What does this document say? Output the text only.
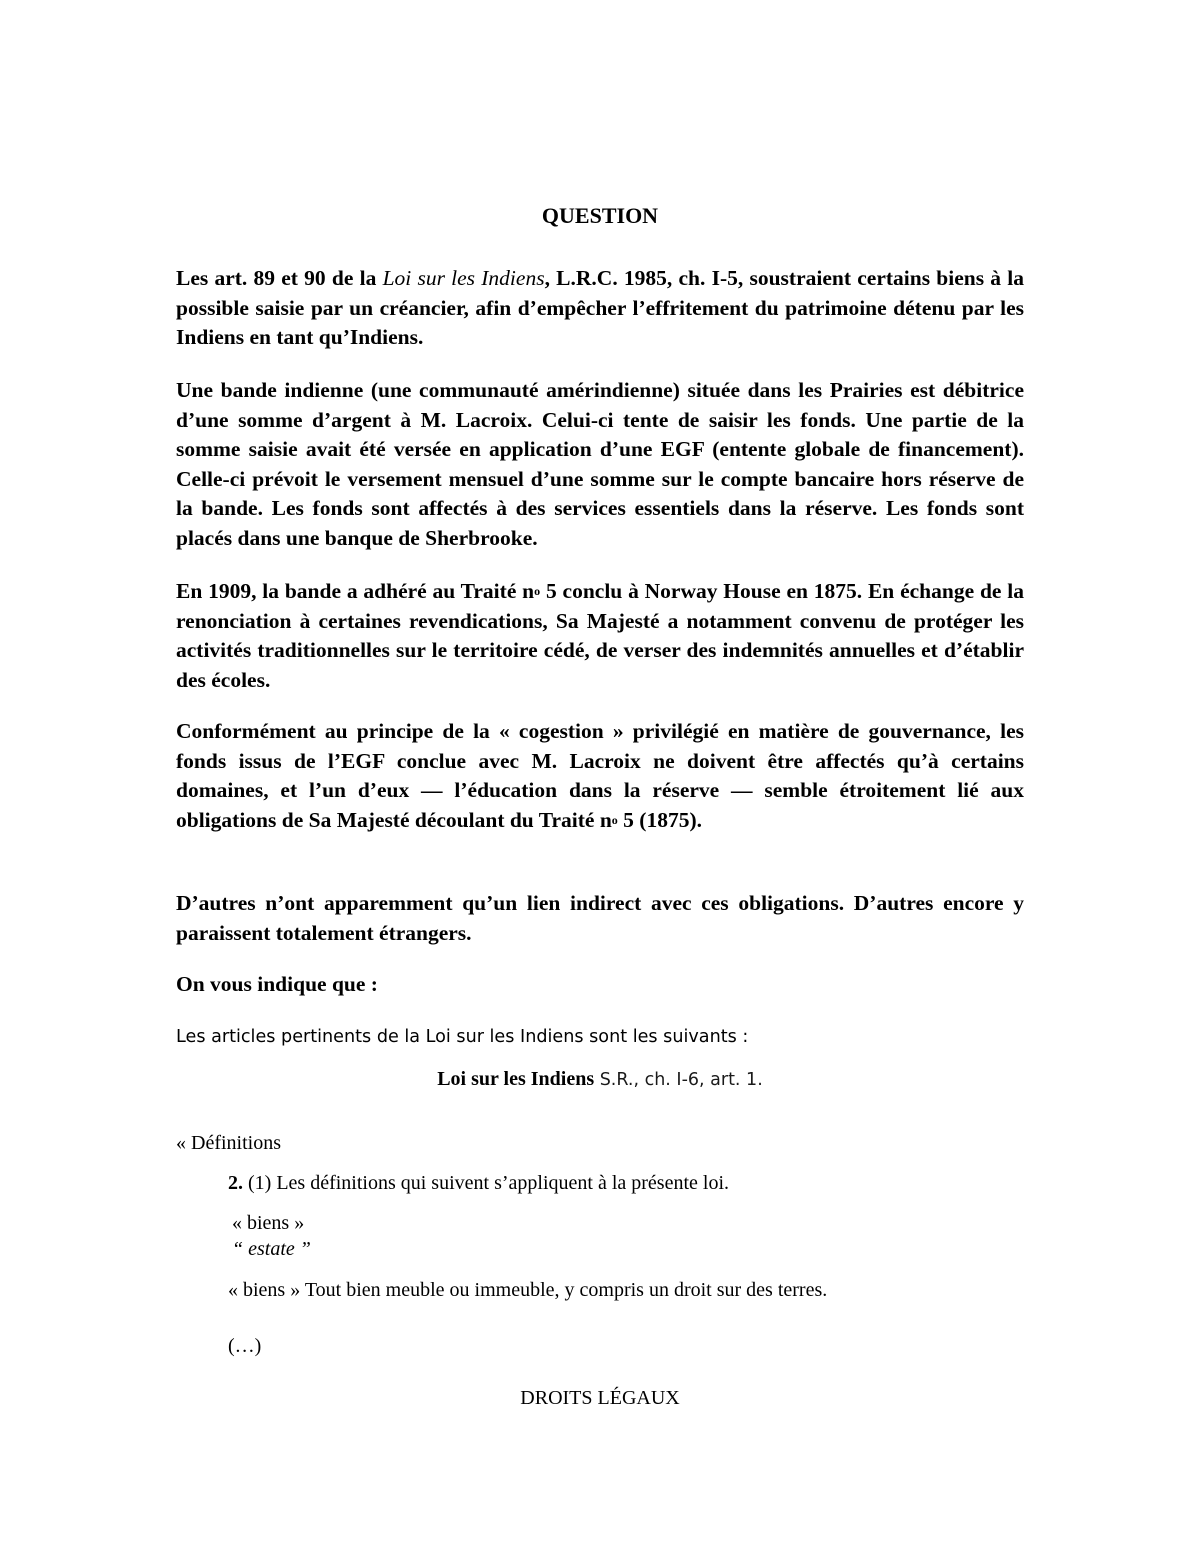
QUESTION

Les art. 89 et 90 de la Loi sur les Indiens, L.R.C. 1985, ch. I-5, soustraient certains biens à la possible saisie par un créancier, afin d’empêcher l’effritement du patrimoine détenu par les Indiens en tant qu’Indiens.

Une bande indienne (une communauté amérindienne) située dans les Prairies est débitrice d’une somme d’argent à M. Lacroix. Celui-ci tente de saisir les fonds. Une partie de la somme saisie avait été versée en application d’une EGF (entente globale de financement). Celle-ci prévoit le versement mensuel d’une somme sur le compte bancaire hors réserve de la bande. Les fonds sont affectés à des services essentiels dans la réserve. Les fonds sont placés dans une banque de Sherbrooke.

En 1909, la bande a adhéré au Traité no 5 conclu à Norway House en 1875. En échange de la renonciation à certaines revendications, Sa Majesté a notamment convenu de protéger les activités traditionnelles sur le territoire cédé, de verser des indemnités annuelles et d’établir des écoles.

Conformément au principe de la « cogestion » privilégié en matière de gouvernance, les fonds issus de l’EGF conclue avec M. Lacroix ne doivent être affectés qu’à certains domaines, et l’un d’eux — l’éducation dans la réserve — semble étroitement lié aux obligations de Sa Majesté découlant du Traité no 5 (1875).

D’autres n’ont apparemment qu’un lien indirect avec ces obligations. D’autres encore y paraissent totalement étrangers.

On vous indique que :

Les articles pertinents de la Loi sur les Indiens sont les suivants :
Loi sur les Indiens S.R., ch. I-6, art. 1.
« Définitions
2. (1) Les définitions qui suivent s’appliquent à la présente loi.
« biens »
“ estate ”
« biens » Tout bien meuble ou immeuble, y compris un droit sur des terres.
(…)
DROITS LÉGAUX
